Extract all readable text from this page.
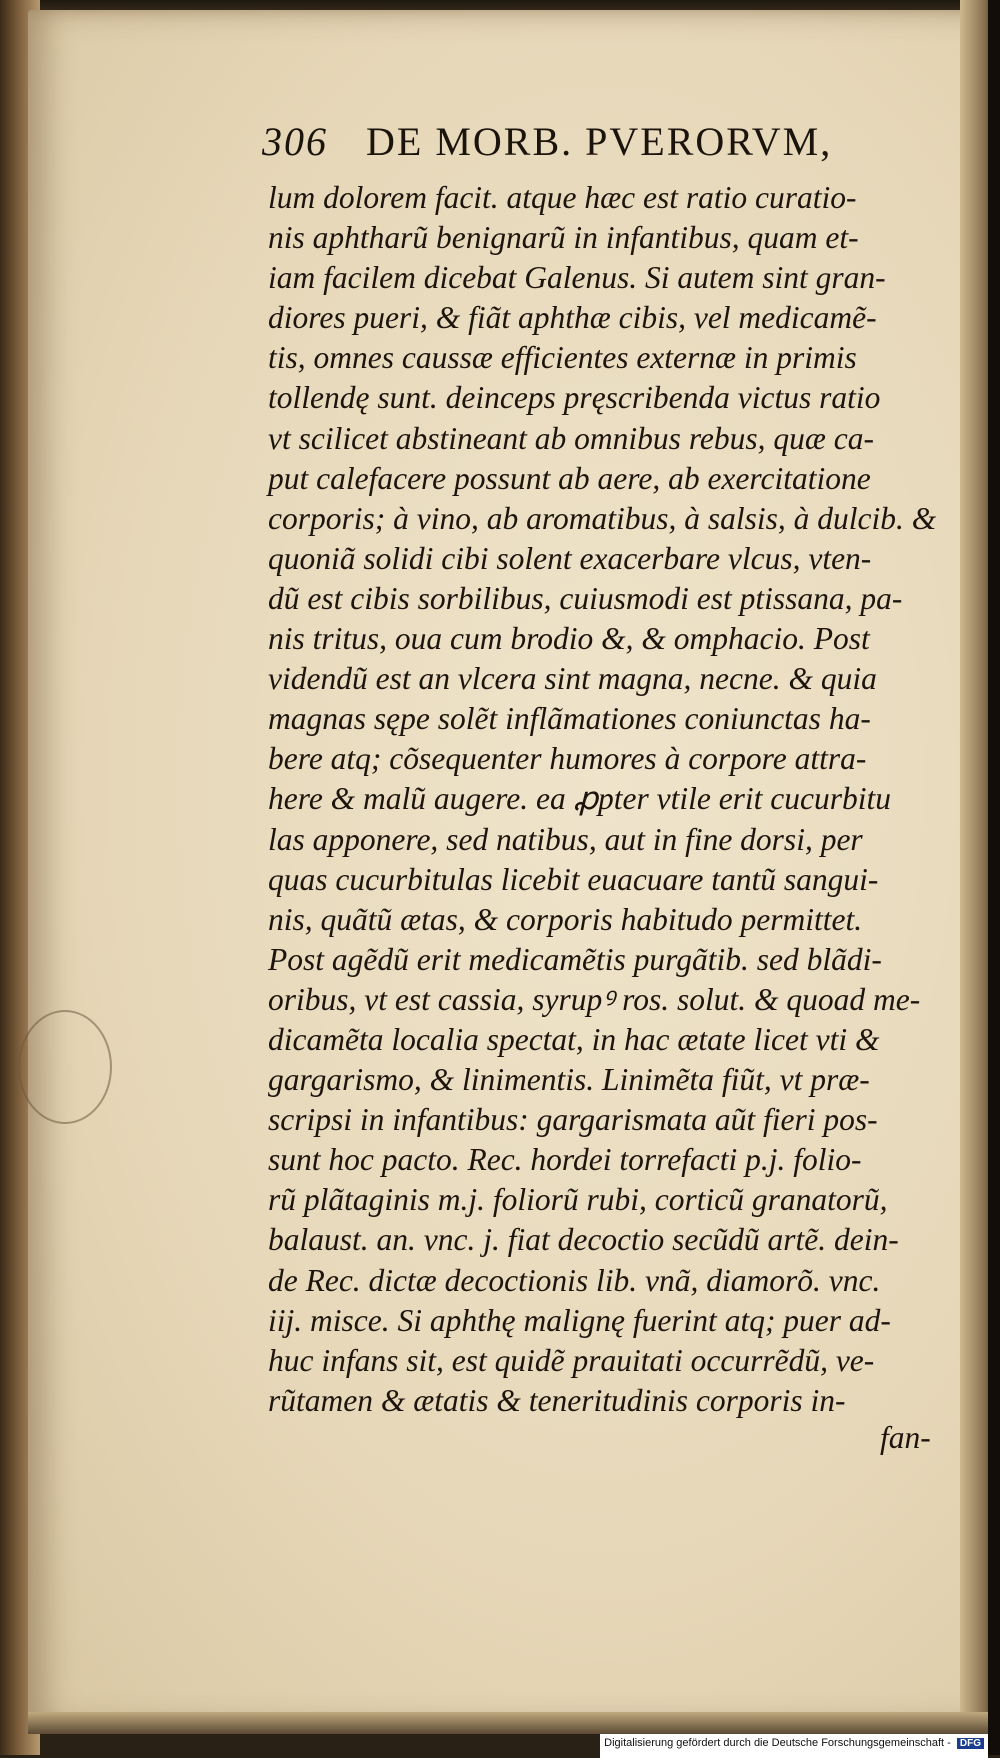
306 DE MORB. PVERORVM,
lum dolorem facit. atque hæc est ratio curatio-
nis aphtharũ benignarũ in infantibus, quam et-
iam facilem dicebat Galenus. Si autem sint gran-
diores pueri, & fiãt aphthæ cibis, vel medicamẽ-
tis, omnes caussæ efficientes externæ in primis
tollendę sunt. deinceps pręscribenda victus ratio
vt scilicet abstineant ab omnibus rebus, quæ ca-
put calefacere possunt ab aere, ab exercitatione
corporis; à vino, ab aromatibus, à salsis, à dulcib. &
quoniã solidi cibi solent exacerbare vlcus, vten-
dũ est cibis sorbilibus, cuiusmodi est ptissana, pa-
nis tritus, oua cum brodio &, & omphacio. Post
videndũ est an vlcera sint magna, necne. & quia
magnas sępe solẽt inflãmationes coniunctas ha-
bere atq; cõsequenter humores à corpore attra-
here & malũ augere. ea ꝓpter vtile erit cucurbitu
las apponere, sed natibus, aut in fine dorsi, per
quas cucurbitulas licebit euacuare tantũ sangui-
nis, quãtũ ætas, & corporis habitudo permittet.
Post agẽdũ erit medicamẽtis purgãtib. sed blãdi-
oribus, vt est cassia, syrupꝰ ros. solut. & quoad me-
dicamẽta localia spectat, in hac ætate licet vti &
gargarismo, & linimentis. Linimẽta fiũt, vt præ-
scripsi in infantibus: gargarismata aũt fieri pos-
sunt hoc pacto. Rec. hordei torrefacti p.j. folio-
rũ plãtaginis m.j. foliorũ rubi, corticũ granatorũ,
balaust. an. vnc. j. fiat decoctio secũdũ artẽ. dein-
de Rec. dictæ decoctionis lib. vnã, diamorõ. vnc.
iij. misce. Si aphthę malignę fuerint atq; puer ad-
huc infans sit, est quidẽ prauitati occurrẽdũ, ve-
rũtamen & ætatis & teneritudinis corporis in-
fan-
Digitalisierung gefördert durch die Deutsche Forschungsgemeinschaft - DFG
